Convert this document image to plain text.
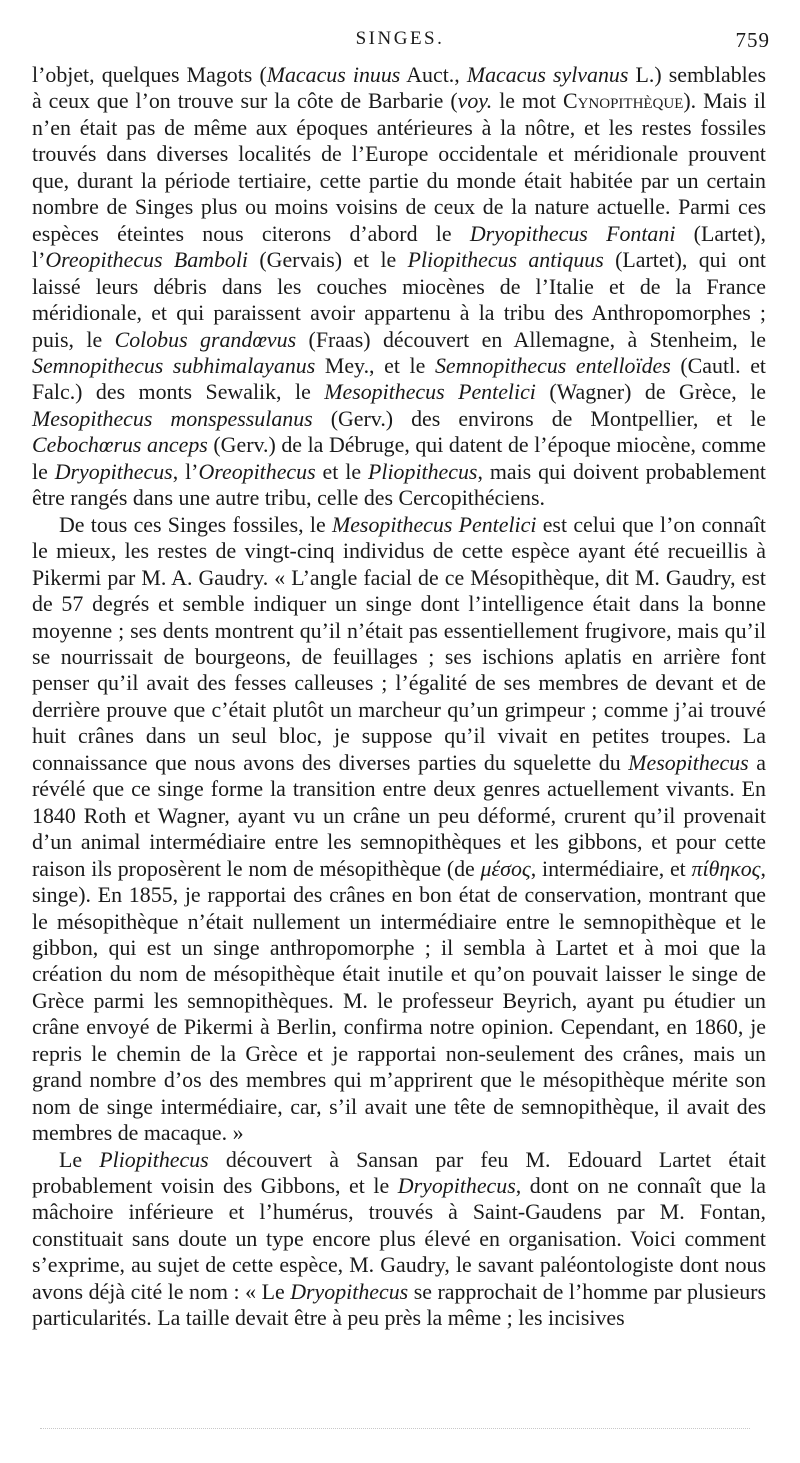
SINGES.	759

l’objet, quelques Magots (Macacus inuus Auct., Macacus sylvanus L.) semblables à ceux que l’on trouve sur la côte de Barbarie (voy. le mot Cynopithèque). Mais il n’en était pas de même aux époques antérieures à la nôtre, et les restes fossiles trouvés dans diverses localités de l’Europe occidentale et méridionale prouvent que, durant la période tertiaire, cette partie du monde était habitée par un certain nombre de Singes plus ou moins voisins de ceux de la nature actuelle. Parmi ces espèces éteintes nous citerons d’abord le Dryopithecus Fontani (Lartet), l’Oreopithecus Bamboli (Gervais) et le Pliopithecus antiquus (Lartet), qui ont laissé leurs débris dans les couches miocènes de l’Italie et de la France méridionale, et qui paraissent avoir appartenu à la tribu des Anthropomorphes ; puis, le Colobus grandœvus (Fraas) découvert en Allemagne, à Stenheim, le Semnopithecus subhimalayanus Mey., et le Semnopithecus entelloïdes (Cautl. et Falc.) des monts Sewalik, le Mesopithecus Pentelici (Wagner) de Grèce, le Mesopithecus monspessulanus (Gerv.) des environs de Montpellier, et le Cebochœrus anceps (Gerv.) de la Débruge, qui datent de l’époque miocène, comme le Dryopithecus, l’Oreopithecus et le Pliopithecus, mais qui doivent probablement être rangés dans une autre tribu, celle des Cercopithéciens.

De tous ces Singes fossiles, le Mesopithecus Pentelici est celui que l’on connaît le mieux, les restes de vingt-cinq individus de cette espèce ayant été recueillis à Pikermi par M. A. Gaudry. « L’angle facial de ce Mésopithèque, dit M. Gaudry, est de 57 degrés et semble indiquer un singe dont l’intelligence était dans la bonne moyenne ; ses dents montrent qu’il n’était pas essentiellement frugivore, mais qu’il se nourrissait de bourgeons, de feuillages ; ses ischions aplatis en arrière font penser qu’il avait des fesses calleuses ; l’égalité de ses membres de devant et de derrière prouve que c’était plutôt un marcheur qu’un grimpeur ; comme j’ai trouvé huit crânes dans un seul bloc, je suppose qu’il vivait en petites troupes. La connaissance que nous avons des diverses parties du squelette du Mesopithecus a révélé que ce singe forme la transition entre deux genres actuellement vivants. En 1840 Roth et Wagner, ayant vu un crâne un peu déformé, crurent qu’il provenait d’un animal intermédiaire entre les semnopithèques et les gibbons, et pour cette raison ils proposèrent le nom de mésopithèque (de μέσος, intermédiaire, et πίθηκος, singe). En 1855, je rapportai des crânes en bon état de conservation, montrant que le mésopithèque n’était nullement un intermédiaire entre le semnopithèque et le gibbon, qui est un singe anthropomorphe ; il sembla à Lartet et à moi que la création du nom de mésopithèque était inutile et qu’on pouvait laisser le singe de Grèce parmi les semnopithèques. M. le professeur Beyrich, ayant pu étudier un crâne envoyé de Pikermi à Berlin, confirma notre opinion. Cependant, en 1860, je repris le chemin de la Grèce et je rapportai non-seulement des crânes, mais un grand nombre d’os des membres qui m’apprirent que le mésopithèque mérite son nom de singe intermédiaire, car, s’il avait une tête de semnopithèque, il avait des membres de macaque. »

Le Pliopithecus découvert à Sansan par feu M. Edouard Lartet était probablement voisin des Gibbons, et le Dryopithecus, dont on ne connaît que la mâchoire inférieure et l’humérus, trouvés à Saint-Gaudens par M. Fontan, constituait sans doute un type encore plus élevé en organisation. Voici comment s’exprime, au sujet de cette espèce, M. Gaudry, le savant paléontologiste dont nous avons déjà cité le nom : « Le Dryopithecus se rapprochait de l’homme par plusieurs particularités. La taille devait être à peu près la même ; les incisives
